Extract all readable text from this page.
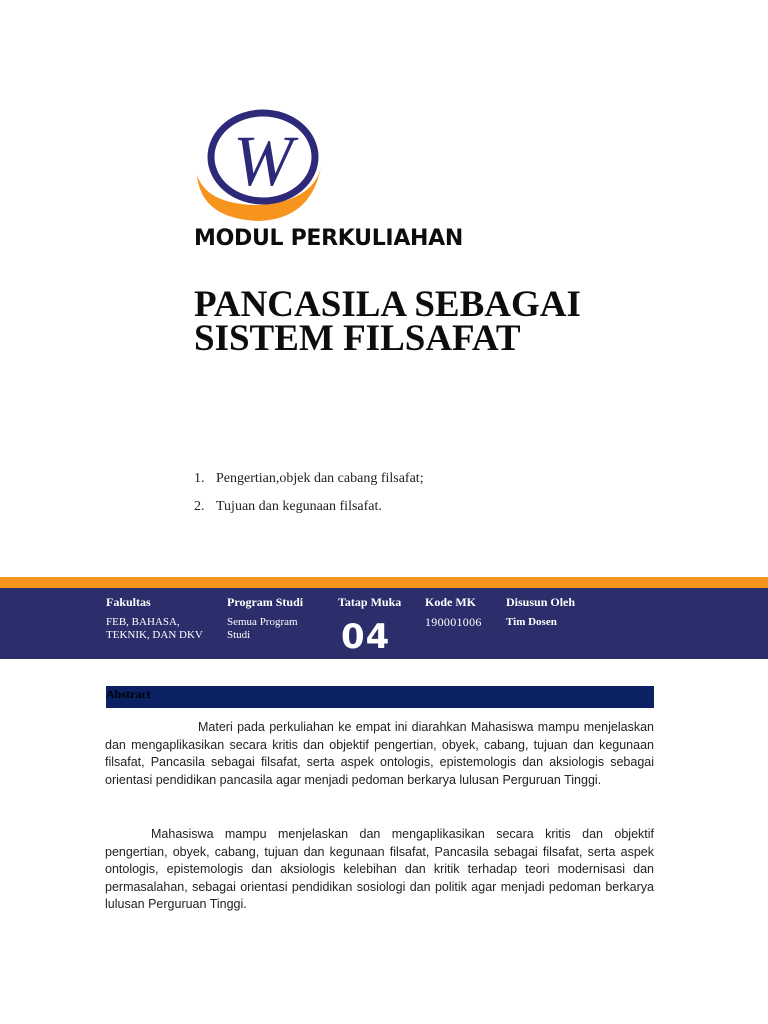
W
MODUL PERKULIAHAN
PANCASILA SEBAGAI
SISTEM FILSAFAT
1. Pengertian,objek dan cabang filsafat;
2. Tujuan dan kegunaan filsafat.
Fakultas
FEB, BAHASA, TEKNIK, DAN DKV
Program Studi
Semua Program Studi
Tatap Muka
04
Kode MK
190001006
Disusun Oleh
Tim Dosen
Abstract

Materi pada perkuliahan ke empat ini diarahkan Mahasiswa mampu menjelaskan dan mengaplikasikan secara kritis dan objektif pengertian, obyek, cabang, tujuan dan kegunaan filsafat, Pancasila sebagai filsafat, serta aspek ontologis, epistemologis dan aksiologis sebagai orientasi pendidikan pancasila agar menjadi pedoman berkarya lulusan Perguruan Tinggi.

Mahasiswa mampu menjelaskan dan mengaplikasikan secara kritis dan objektif pengertian, obyek, cabang, tujuan dan kegunaan filsafat, Pancasila sebagai filsafat, serta aspek ontologis, epistemologis dan aksiologis kelebihan dan kritik terhadap teori modernisasi dan permasalahan, sebagai orientasi pendidikan sosiologi dan politik agar menjadi pedoman berkarya lulusan Perguruan Tinggi.
